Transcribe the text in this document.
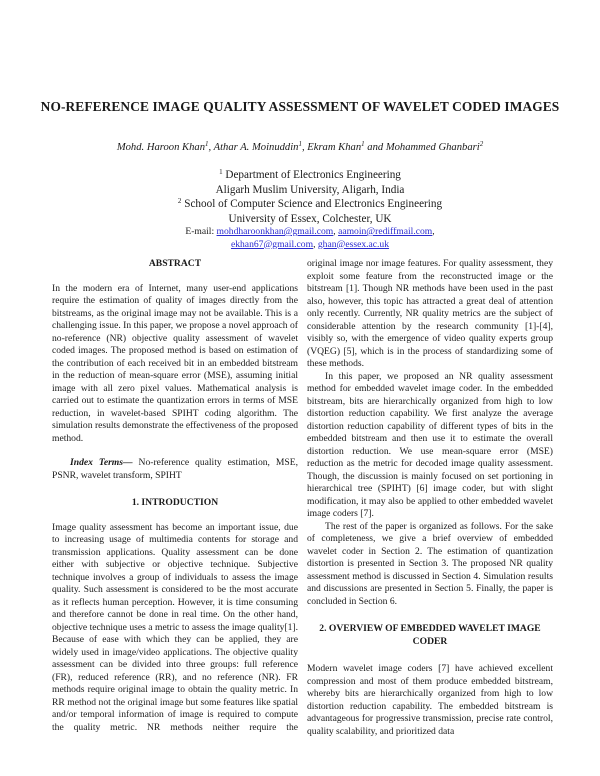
NO-REFERENCE IMAGE QUALITY ASSESSMENT OF WAVELET CODED IMAGES
Mohd. Haroon Khan$^1$, Athar A. Moinuddin$^1$, Ekram Khan$^1$ and Mohammed Ghanbari$^2$
$^1$ Department of Electronics Engineering
Aligarh Muslim University, Aligarh, India
$^2$ School of Computer Science and Electronics Engineering
University of Essex, Colchester, UK
E-mail: mohdharoonkhan@gmail.com, aamoin@rediffmail.com,
ekhan67@gmail.com, ghan@essex.ac.uk

ABSTRACT

In the modern era of Internet, many user-end applications require the estimation of quality of images directly from the bitstreams, as the original image may not be available. This is a challenging issue. In this paper, we propose a novel approach of no-reference (NR) objective quality assessment of wavelet coded images. The proposed method is based on estimation of the contribution of each received bit in an embedded bitstream in the reduction of mean-square error (MSE), assuming initial image with all zero pixel values. Mathematical analysis is carried out to estimate the quantization errors in terms of MSE reduction, in wavelet-based SPIHT coding algorithm. The simulation results demonstrate the effectiveness of the proposed method.

Index Terms— No-reference quality estimation, MSE, PSNR, wavelet transform, SPIHT

1. INTRODUCTION

Image quality assessment has become an important issue, due to increasing usage of multimedia contents for storage and transmission applications. Quality assessment can be done either with subjective or objective technique. Subjective technique involves a group of individuals to assess the image quality. Such assessment is considered to be the most accurate as it reflects human perception. However, it is time consuming and therefore cannot be done in real time. On the other hand, objective technique uses a metric to assess the image quality[1]. Because of ease with which they can be applied, they are widely used in image/video applications. The objective quality assessment can be divided into three groups: full reference (FR), reduced reference (RR), and no reference (NR). FR methods require original image to obtain the quality metric. In RR method not the original image but some features like spatial and/or temporal information of image is required to compute the quality metric. NR methods neither require the

original image nor image features. For quality assessment, they exploit some feature from the reconstructed image or the bitstream [1]. Though NR methods have been used in the past also, however, this topic has attracted a great deal of attention only recently. Currently, NR quality metrics are the subject of considerable attention by the research community [1]-[4], visibly so, with the emergence of video quality experts group (VQEG) [5], which is in the process of standardizing some of these methods.

In this paper, we proposed an NR quality assessment method for embedded wavelet image coder. In the embedded bitstream, bits are hierarchically organized from high to low distortion reduction capability. We first analyze the average distortion reduction capability of different types of bits in the embedded bitstream and then use it to estimate the overall distortion reduction. We use mean-square error (MSE) reduction as the metric for decoded image quality assessment. Though, the discussion is mainly focused on set portioning in hierarchical tree (SPIHT) [6] image coder, but with slight modification, it may also be applied to other embedded wavelet image coders [7].

The rest of the paper is organized as follows. For the sake of completeness, we give a brief overview of embedded wavelet coder in Section 2. The estimation of quantization distortion is presented in Section 3. The proposed NR quality assessment method is discussed in Section 4. Simulation results and discussions are presented in Section 5. Finally, the paper is concluded in Section 6.

2. OVERVIEW OF EMBEDDED WAVELET IMAGE CODER

Modern wavelet image coders [7] have achieved excellent compression and most of them produce embedded bitstream, whereby bits are hierarchically organized from high to low distortion reduction capability. The embedded bitstream is advantageous for progressive transmission, precise rate control, quality scalability, and prioritized data
